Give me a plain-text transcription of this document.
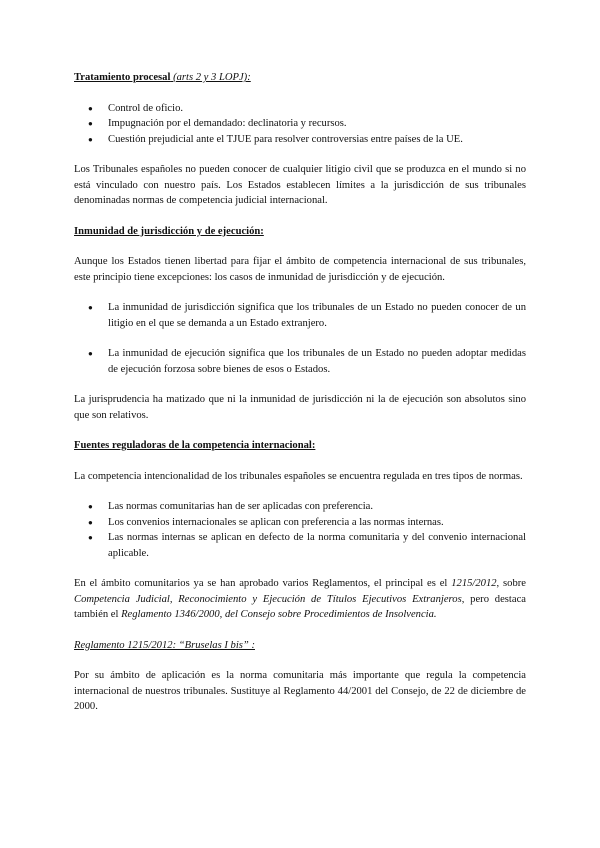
Tratamiento procesal (arts 2 y 3 LOPJ):

● Control de oficio.
● Impugnación por el demandado: declinatoria y recursos.
● Cuestión prejudicial ante el TJUE para resolver controversias entre países de la UE.

Los Tribunales españoles no pueden conocer de cualquier litigio civil que se produzca en el mundo si no está vinculado con nuestro país. Los Estados establecen límites a la jurisdicción de sus tribunales denominadas normas de competencia judicial internacional.

Inmunidad de jurisdicción y de ejecución:

Aunque los Estados tienen libertad para fijar el ámbito de competencia internacional de sus tribunales, este principio tiene excepciones: los casos de inmunidad de jurisdicción y de ejecución.

● La inmunidad de jurisdicción significa que los tribunales de un Estado no pueden conocer de un litigio en el que se demanda a un Estado extranjero.
● La inmunidad de ejecución significa que los tribunales de un Estado no pueden adoptar medidas de ejecución forzosa sobre bienes de esos o Estados.

La jurisprudencia ha matizado que ni la inmunidad de jurisdicción ni la de ejecución son absolutos sino que son relativos.

Fuentes reguladoras de la competencia internacional:

La competencia intencionalidad de los tribunales españoles se encuentra regulada en tres tipos de normas.

● Las normas comunitarias han de ser aplicadas con preferencia.
● Los convenios internacionales se aplican con preferencia a las normas internas.
● Las normas internas se aplican en defecto de la norma comunitaria y del convenio internacional aplicable.

En el ámbito comunitarios ya se han aprobado varios Reglamentos, el principal es el 1215/2012, sobre Competencia Judicial, Reconocimiento y Ejecución de Títulos Ejecutivos Extranjeros, pero destaca también el Reglamento 1346/2000, del Consejo sobre Procedimientos de Insolvencia.

Reglamento 1215/2012: “Bruselas I bis” :

Por su ámbito de aplicación es la norma comunitaria más importante que regula la competencia internacional de nuestros tribunales. Sustituye al Reglamento 44/2001 del Consejo, de 22 de diciembre de 2000.
